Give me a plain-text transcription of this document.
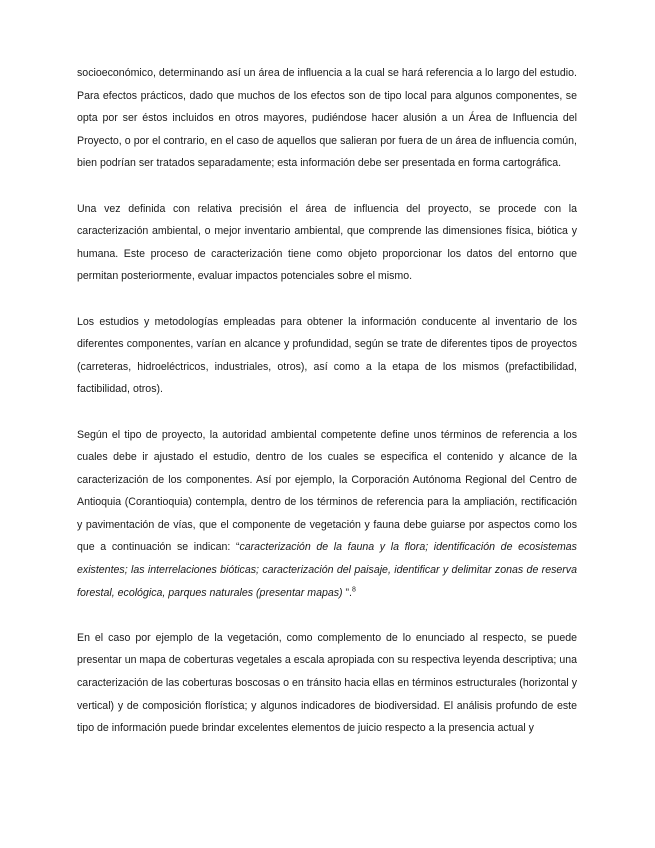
socioeconómico, determinando así un área de influencia a la cual se hará referencia a lo largo del estudio. Para efectos prácticos, dado que muchos de los efectos son de tipo local para algunos componentes, se opta por ser éstos incluidos en otros mayores, pudiéndose hacer alusión a un Área de Influencia del Proyecto, o por el contrario, en el caso de aquellos que salieran por fuera de un área de influencia común, bien podrían ser tratados separadamente; esta información debe ser presentada en forma cartográfica.

Una vez definida con relativa precisión el área de influencia del proyecto, se procede con la caracterización ambiental, o mejor inventario ambiental, que comprende las dimensiones física, biótica y humana. Este proceso de caracterización tiene como objeto proporcionar los datos del entorno que permitan posteriormente, evaluar impactos potenciales sobre el mismo.

Los estudios y metodologías empleadas para obtener la información conducente al inventario de los diferentes componentes, varían en alcance y profundidad, según se trate de diferentes tipos de proyectos (carreteras, hidroeléctricos, industriales, otros), así como a la etapa de los mismos (prefactibilidad, factibilidad, otros).

Según el tipo de proyecto, la autoridad ambiental competente define unos términos de referencia a los cuales debe ir ajustado el estudio, dentro de los cuales se especifica el contenido y alcance de la caracterización de los componentes. Así por ejemplo, la Corporación Autónoma Regional del Centro de Antioquia (Corantioquia) contempla, dentro de los términos de referencia para la ampliación, rectificación y pavimentación de vías, que el componente de vegetación y fauna debe guiarse por aspectos como los que a continuación se indican: “caracterización de la fauna y la flora; identificación de ecosistemas existentes; las interrelaciones bióticas; caracterización del paisaje, identificar y delimitar zonas de reserva forestal, ecológica, parques naturales (presentar mapas) ”.$^8$

En el caso por ejemplo de la vegetación, como complemento de lo enunciado al respecto, se puede presentar un mapa de coberturas vegetales a escala apropiada con su respectiva leyenda descriptiva; una caracterización de las coberturas boscosas o en tránsito hacia ellas en términos estructurales (horizontal y vertical) y de composición florística; y algunos indicadores de biodiversidad. El análisis profundo de este tipo de información puede brindar excelentes elementos de juicio respecto a la presencia actual y
